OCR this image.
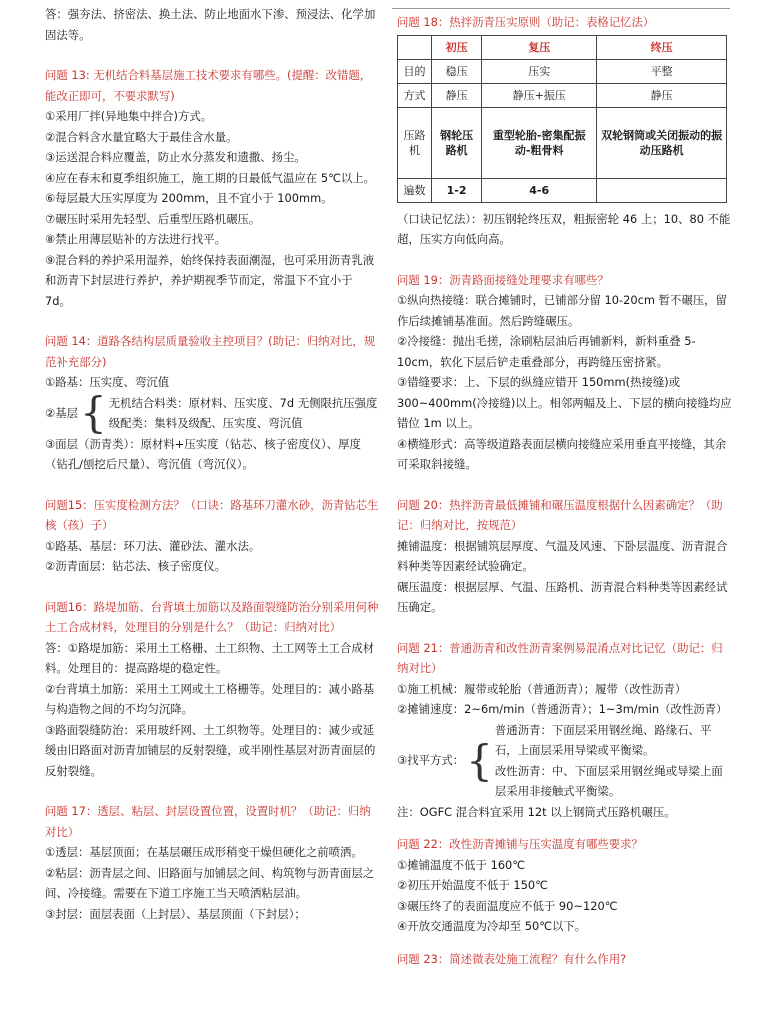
答：强夯法、挤密法、换土法、防止地面水下渗、预浸法、化学加固法等。

问题 13: 无机结合料基层施工技术要求有哪些。(提醒：改错题，能改正即可，不要求默写)

①采用厂拌(异地集中拌合)方式。

②混合料含水量宜略大于最佳含水量。

③运送混合料应覆盖，防止水分蒸发和遗撒、扬尘。

④应在春末和夏季组织施工，施工期的日最低气温应在 5℃以上。

⑥每层最大压实厚度为 200mm，且不宜小于 100mm。

⑦碾压时采用先轻型、后重型压路机碾压。

⑧禁止用薄层贴补的方法进行找平。

⑨混合料的养护采用湿养，始终保持表面潮湿，也可采用沥青乳液和沥青下封层进行养护，养护期视季节而定，常温下不宜小于 7d。

问题 14：道路各结构层质量验收主控项目？(助记：归纳对比，规范补充部分)

①路基：压实度、弯沉值

②基层 { 无机结合料类：原材料、压实度、7d 无侧限抗压强度

级配类：集料及级配、压实度、弯沉值

③面层（沥青类）：原材料+压实度（钻芯、核子密度仪）、厚度（钻孔/刨挖后尺量）、弯沉值（弯沉仪）。

问题15：压实度检测方法？（口诀：路基环刀灌水砂，沥青钻芯生核（孩）子）

①路基、基层：环刀法、灌砂法、灌水法。

②沥青面层：钻芯法、核子密度仪。

问题16：路堤加筋、台背填土加筋以及路面裂缝防治分别采用何种土工合成材料，处理目的分别是什么？（助记：归纳对比）

答：①路堤加筋：采用土工格栅、土工织物、土工网等土工合成材料。处理目的：提高路堤的稳定性。

②台背填土加筋：采用土工网或土工格栅等。处理目的：减小路基与构造物之间的不均匀沉降。

③路面裂缝防治：采用玻纤网、土工织物等。处理目的：减少或延缓由旧路面对沥青加铺层的反射裂缝，或半刚性基层对沥青面层的反射裂缝。

问题 17：透层、粘层、封层设置位置，设置时机？（助记：归纳对比）

①透层：基层顶面；在基层碾压成形稍变干燥但硬化之前喷洒。

②粘层：沥青层之间、旧路面与加铺层之间、构筑物与沥青面层之间、冷接缝。需要在下道工序施工当天喷洒粘层油。

③封层：面层表面（上封层）、基层顶面（下封层）；

问题 18：热拌沥青压实原则（助记：表格记忆法）

	初压	复压	终压
目的	稳压	压实	平整
方式	静压	静压+振压	静压
压路机	钢轮压路机	重型轮胎-密集配振动-粗骨料	双轮钢筒或关闭振动的振动压路机
遍数	1-2	4-6	

（口诀记忆法）：初压钢轮终压双，粗振密轮 46 上；10、80 不能超，压实方向低向高。

问题 19：沥青路面接缝处理要求有哪些？

①纵向热接缝：联合摊铺时，已铺部分留 10-20cm 暂不碾压，留作后续摊铺基准面。然后跨缝碾压。

②冷接缝：抛出毛搓，涂刷粘层油后再铺新料，新料重叠 5-10cm，软化下层后铲走重叠部分，再跨缝压密挤紧。

③错缝要求：上、下层的纵缝应错开 150mm(热接缝)或300~400mm(冷接缝)以上。相邻两幅及上、下层的横向接缝均应错位 1m 以上。

④横缝形式：高等级道路表面层横向接缝应采用垂直平接缝，其余可采取斜接缝。

问题 20：热拌沥青最低摊铺和碾压温度根据什么因素确定？（助记：归纳对比，按规范）

摊铺温度：根据铺筑层厚度、气温及风速、下卧层温度、沥青混合料种类等因素经试验确定。

碾压温度：根据层厚、气温、压路机、沥青混合料种类等因素经试压确定。

问题 21：普通沥青和改性沥青案例易混淆点对比记忆（助记：归纳对比）

①施工机械：履带或轮胎（普通沥青）；履带（改性沥青）

②摊铺速度：2~6m/min（普通沥青）；1~3m/min（改性沥青）

③找平方式： {

普通沥青：下面层采用钢丝绳、路缘石、平石，上面层采用导梁或平衡梁。

改性沥青：中、下面层采用钢丝绳或导梁上面层采用非接触式平衡梁。

注：OGFC 混合料宜采用 12t 以上钢筒式压路机碾压。

问题 22：改性沥青摊铺与压实温度有哪些要求？

①摊铺温度不低于 160℃

②初压开始温度不低于 150℃

③碾压终了的表面温度应不低于 90~120℃

④开放交通温度为冷却至 50℃以下。

问题 23：简述微表处施工流程？有什么作用?
